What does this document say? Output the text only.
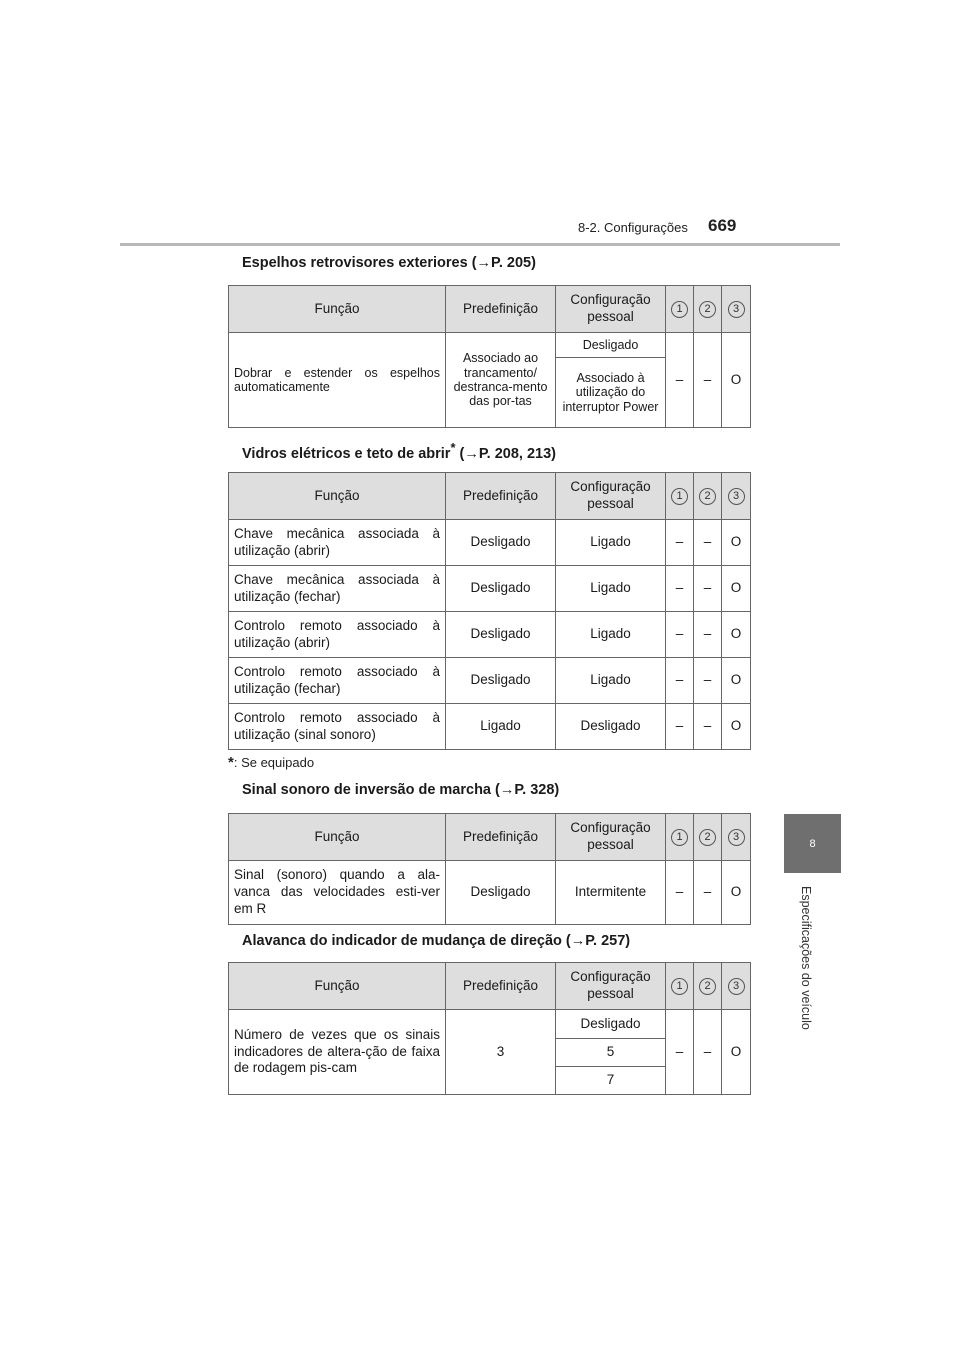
8-2. Configurações 669
8
Especificações do veículo
Espelhos retrovisores exteriores (→P. 205)
Função	Predefinição	Configuração pessoal	1	2	3
Dobrar e estender os espelhos automaticamente	Associado ao trancamento/ destranca-mento das por-tas	Desligado	–	–	O
		Associado à utilização do interruptor Power			
Vidros elétricos e teto de abrir* (→P. 208, 213)
Função	Predefinição	Configuração pessoal	1	2	3
Chave mecânica associada à utilização (abrir)	Desligado	Ligado	–	–	O
Chave mecânica associada à utilização (fechar)	Desligado	Ligado	–	–	O
Controlo remoto associado à utilização (abrir)	Desligado	Ligado	–	–	O
Controlo remoto associado à utilização (fechar)	Desligado	Ligado	–	–	O
Controlo remoto associado à utilização (sinal sonoro)	Ligado	Desligado	–	–	O
*: Se equipado
Sinal sonoro de inversão de marcha (→P. 328)
Função	Predefinição	Configuração pessoal	1	2	3
Sinal (sonoro) quando a ala-vanca das velocidades esti-ver em R	Desligado	Intermitente	–	–	O
Alavanca do indicador de mudança de direção (→P. 257)
Função	Predefinição	Configuração pessoal	1	2	3
Número de vezes que os sinais indicadores de altera-ção de faixa de rodagem pis-cam	3	Desligado	–	–	O
		5			
		7			
